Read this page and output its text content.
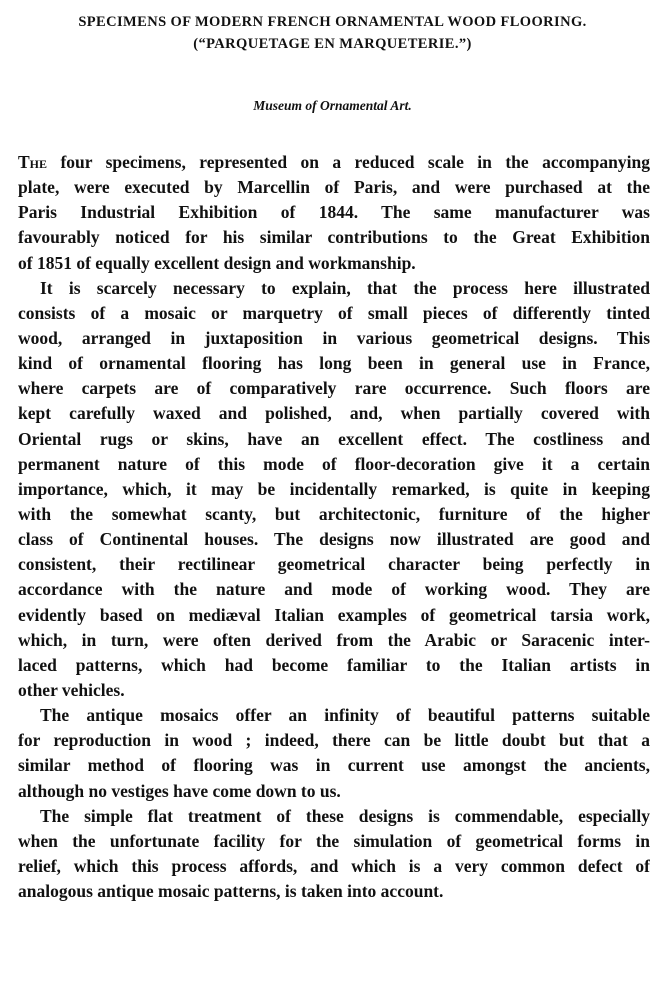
SPECIMENS OF MODERN FRENCH ORNAMENTAL WOOD FLOORING.
(“PARQUETAGE EN MARQUETERIE.”)
Museum of Ornamental Art.
The four specimens, represented on a reduced scale in the accompanying
plate, were executed by Marcellin of Paris, and were purchased at the
Paris Industrial Exhibition of 1844. The same manufacturer was
favourably noticed for his similar contributions to the Great Exhibition
of 1851 of equally excellent design and workmanship.
It is scarcely necessary to explain, that the process here illustrated
consists of a mosaic or marquetry of small pieces of differently tinted
wood, arranged in juxtaposition in various geometrical designs. This
kind of ornamental flooring has long been in general use in France,
where carpets are of comparatively rare occurrence. Such floors are
kept carefully waxed and polished, and, when partially covered with
Oriental rugs or skins, have an excellent effect. The costliness and
permanent nature of this mode of floor-decoration give it a certain
importance, which, it may be incidentally remarked, is quite in keeping
with the somewhat scanty, but architectonic, furniture of the higher
class of Continental houses. The designs now illustrated are good and
consistent, their rectilinear geometrical character being perfectly in
accordance with the nature and mode of working wood. They are
evidently based on mediæval Italian examples of geometrical tarsia work,
which, in turn, were often derived from the Arabic or Saracenic inter-
laced patterns, which had become familiar to the Italian artists in
other vehicles.
The antique mosaics offer an infinity of beautiful patterns suitable
for reproduction in wood ; indeed, there can be little doubt but that a
similar method of flooring was in current use amongst the ancients,
although no vestiges have come down to us.
The simple flat treatment of these designs is commendable, especially
when the unfortunate facility for the simulation of geometrical forms in
relief, which this process affords, and which is a very common defect of
analogous antique mosaic patterns, is taken into account.
